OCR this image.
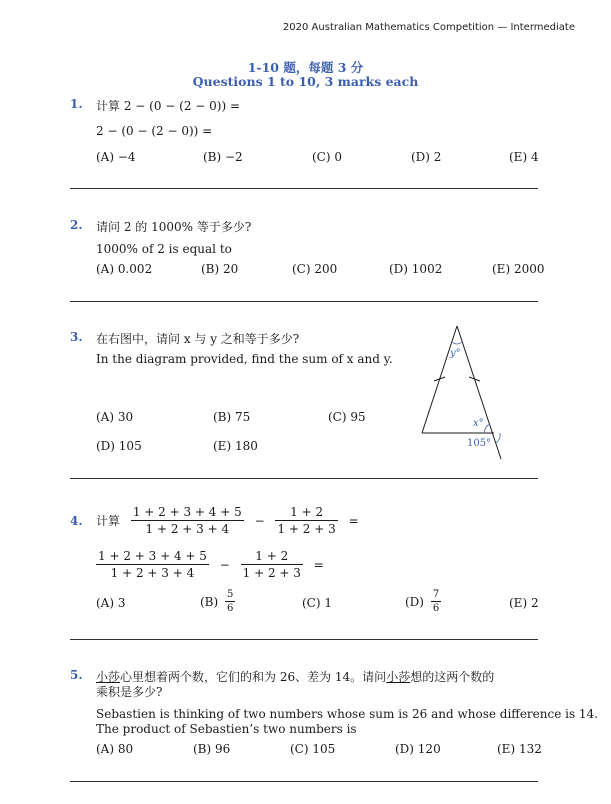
2020 Australian Mathematics Competition — Intermediate
1-10 题，每题 3 分
Questions 1 to 10, 3 marks each
1. 计算 2 − (0 − (2 − 0)) =
2 − (0 − (2 − 0)) =
(A) −4	(B) −2	(C) 0	(D) 2	(E) 4
2. 请问 2 的 1000% 等于多少?
1000% of 2 is equal to
(A) 0.002	(B) 20	(C) 200	(D) 1002	(E) 2000
3. 在右图中，请问 x 与 y 之和等于多少?
In the diagram provided, find the sum of x and y.
(A) 30	(B) 75	(C) 95
(D) 105	(E) 180
y°
x°
105°
4. 计算 $\frac{1 + 2 + 3 + 4 + 5}{1 + 2 + 3 + 4} - \frac{1 + 2}{1 + 2 + 3}$ =
$\frac{1 + 2 + 3 + 4 + 5}{1 + 2 + 3 + 4} - \frac{1 + 2}{1 + 2 + 3}$ =
(A) 3	$(B) \frac{5}{6}$	(C) 1	$(D) \frac{7}{6}$	(E) 2
5. 小莎心里想着两个数，它们的和为 26、差为 14。请问小莎想的这两个数的
乘积是多少?
Sebastien is thinking of two numbers whose sum is 26 and whose difference is 14.
The product of Sebastien’s two numbers is
(A) 80	(B) 96	(C) 105	(D) 120	(E) 132
